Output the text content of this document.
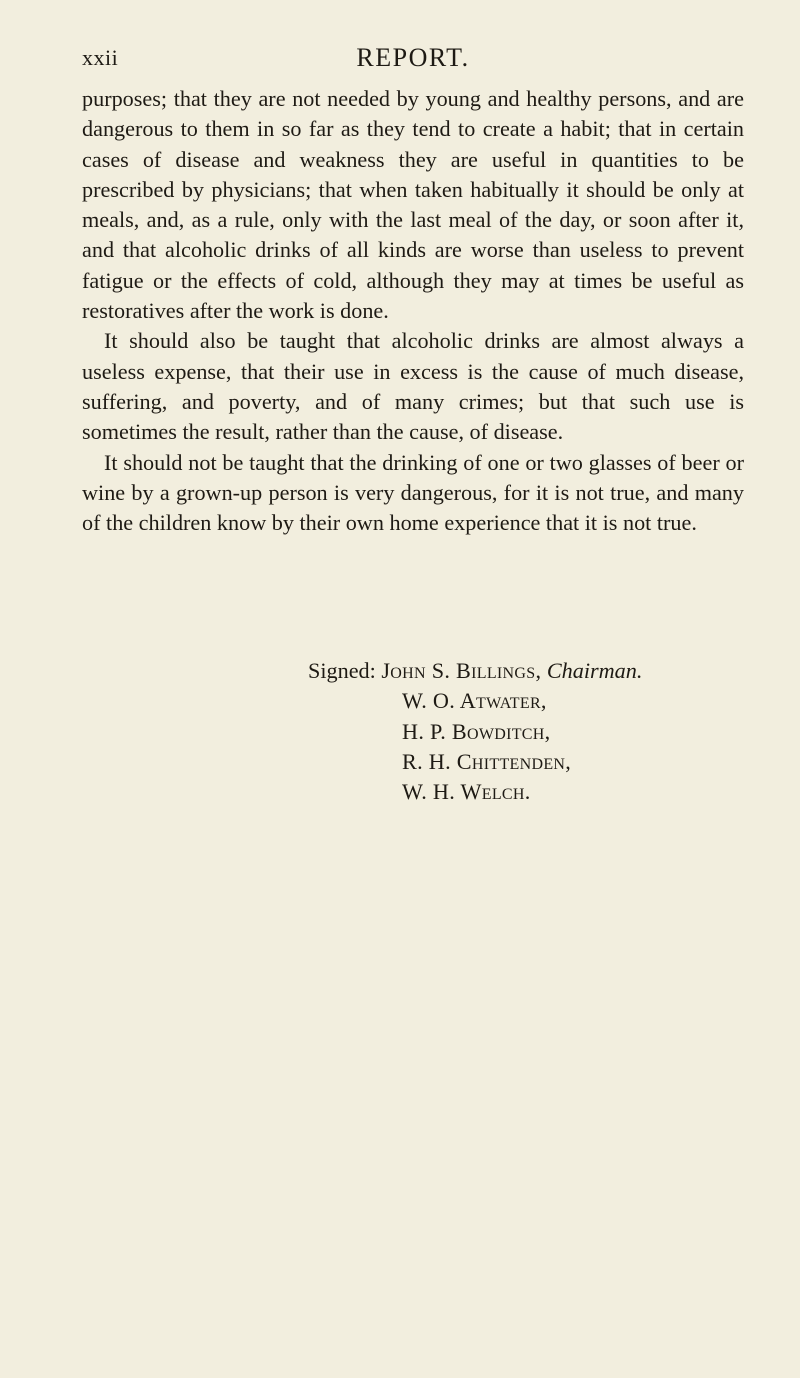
xxii	REPORT.

purposes; that they are not needed by young and healthy persons, and are dangerous to them in so far as they tend to create a habit; that in certain cases of disease and weakness they are useful in quantities to be prescribed by physicians; that when taken habitually it should be only at meals, and, as a rule, only with the last meal of the day, or soon after it, and that alcoholic drinks of all kinds are worse than useless to prevent fatigue or the effects of cold, although they may at times be useful as restoratives after the work is done.

It should also be taught that alcoholic drinks are almost always a useless expense, that their use in excess is the cause of much disease, suffering, and poverty, and of many crimes; but that such use is sometimes the result, rather than the cause, of disease.

It should not be taught that the drinking of one or two glasses of beer or wine by a grown-up person is very dangerous, for it is not true, and many of the children know by their own home experience that it is not true.

Signed: John S. Billings, Chairman.
W. O. Atwater,
H. P. Bowditch,
R. H. Chittenden,
W. H. Welch.
